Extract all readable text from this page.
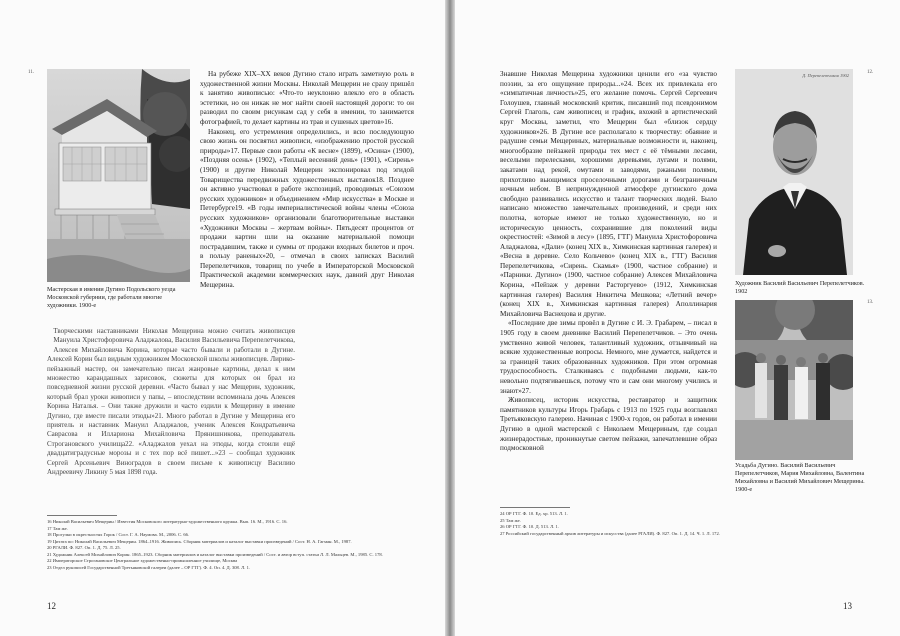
11.
Мастерская в имении Дугино Подольского уезда Московской губернии, где работали многие художники. 1900-е

На рубеже XIX–XX веков Дугино стало играть заметную роль в художественной жизни Москвы. Николай Мещерин не сразу пришёл к занятию живописью: «Что-то неуклонно влекло его в область эстетики, но он никак не мог найти своей настоящей дороги: то он разводил по своим рисункам сад у себя в имении, то занимается фотографией, то делает картины из трав и сушеных цветов»16.

Наконец, его устремления определились, и всю последующую свою жизнь он посвятил живописи, «изображению простой русской природы»17. Первые свои работы «К весне» (1899), «Осина» (1900), «Поздняя осень» (1902), «Теплый весенний день» (1901), «Сирень» (1900) и другие Николай Мещерин экспонировал под эгидой Товарищества передвижных художественных выставок18. Позднее он активно участвовал в работе экспозиций, проводимых «Союзом русских художников» и объединением «Мир искусства» в Москве и Петербурге19. «В годы империалистической войны члены «Союза русских художников» организовали благотворительные выставки «Художники Москвы – жертвам войны». Пятьдесят процентов от продажи картин шли на оказание материальной помощи пострадавшим, также и суммы от продажи входных билетов и проч. в пользу раненых»20, – отмечал в своих записках Василий Перепелетчиков, товарищ по учебе в Императорской Московской Практической академии коммерческих наук, давний друг Николая Мещерина.

Творческими наставниками Николая Мещерина можно считать живописцев Мануила Христофоровича Аладжалова, Василия Васильевича Перепелетчикова, Алексея Михайловича Корина, которые часто бывали и работали в Дугине. Алексей Корин был видным художником Московской школы живописцев. Лирико-пейзажный мастер, он замечательно писал жанровые картины, делал к ним множество карандашных зарисовок, сюжеты для которых он брал из повседневной жизни русской деревни. «Часто бывал у нас Мещерин, художник, который брал уроки живописи у папы, – впоследствии вспоминала дочь Алексея Корина Наталья. – Они также дружили и часто ездили к Мещерину в имение Дугино, где вместе писали этюды»21. Много работал в Дугине у Мещерина его приятель и наставник Мануил Аладжалов, ученик Алексея Кондратьевича Саврасова и Иллариона Михайловича Прянишникова, преподаватель Строгановского училища22. «Аладжалов уехал на этюды, когда стоили ещё двадцатиградусные морозы и с тех пор всё пишет...»23 – сообщал художник Сергей Арсеньевич Виноградов в своем письме к живописцу Василию Андреевичу Ликину 5 мая 1898 года.
16 Николай Васильевич Мещерин / Известия Московского литературно-художественного кружка. Вып. 16. М., 1916. С. 16.
17 Там же.
18 Прогулки в окрестностях Горок / Сост. Г. А. Наумова. М., 2006. С. 66.
19 Цитата по: Николай Васильевич Мещерин. 1864–1916. Живопись. Сборник материалов и каталог выставки произведений / Сост. Н. А. Гагман. М., 1987.
20 РГАЛИ. Ф. 827. Оп. 1. Д. 75. Л. 25.
21 Художник Алексей Михайлович Корин. 1865–1923. Сборник материалов и каталог выставки произведений / Сост. и автор вступ. статьи Л. Л. Мальцев. М., 1985. С. 178.
22 Императорское Строгановское Центральное художественно-промышленное училище, Москва
23 Отдел рукописей Государственной Третьяковской галереи (далее – ОР ГТГ). Ф. 4. Оп. 4. Д. 308. Л. 1.
12

Знавшие Николая Мещерина художники ценили его «за чувство поэзии, за его ощущение природы...»24. Всех их привлекала его «симпатичная личность»25, его желание помочь. Сергей Сергеевич Голоушев, главный московский критик, писавший под псевдонимом Сергей Глаголь, сам живописец и график, вхожий в артистический круг Москвы, заметил, что Мещерин был «близок сердцу художников»26. В Дугине все располагало к творчеству: обаяние и радушие семьи Мещериных, материальные возможности и, наконец, многообразие пейзажей природы тех мест с её тёмными лесами, веселыми перелесками, хорошими деревьями, лугами и полями, закатами над рекой, омутами и заводями, ржаными полями, прихотливо вьющимися проселочными дорогами и безграничным ночным небом. В непринужденной атмосфере дугинского дома свободно развивались искусство и талант творческих людей. Было написано множество замечательных произведений, и среди них полотна, которые имеют не только художественную, но и историческую ценность, сохранившие для поколений виды окрестностей: «Зимой в лесу» (1895, ГТГ) Мануила Христофоровича Аладжалова, «Дали» (конец XIX в., Химкинская картинная галерея) и «Весна в деревне. Село Кольчево» (конец XIX в., ГТГ) Василия Перепелетчикова, «Сирень. Скамья» (1900, частное собрание) и «Парники. Дугино» (1900, частное собрание) Алексея Михайловича Корина, «Пейзаж у деревни Расторгуево» (1912, Химкинская картинная галерея) Василия Никитича Мешкова; «Летний вечер» (конец XIX в., Химкинская картинная галерея) Аполлинария Михайловича Васнецова и другие.

«Последние две зимы провёл в Дугине с И. Э. Грабарем, – писал в 1905 году в своем дневнике Василий Перепелетчиков. – Это очень умственно живой человек, талантливый художник, отзывчивый на всякие художественные вопросы. Немного, мне думается, найдется и за границей таких образованных художников. При этом огромная трудоспособность. Сталкиваясь с подобными людьми, как-то невольно подтягиваешься, потому что и сам они многому учились и знают»27.

Живописец, историк искусства, реставратор и защитник памятников культуры Игорь Грабарь с 1913 по 1925 годы возглавлял Третьяковскую галерею. Начиная с 1900-х годов, он работал в имении Дугино в одной мастерской с Николаем Мещериным, где создал жизнерадостные, проникнутые светом пейзажи, запечатлевшие образ подмосковной

12.
Д. Перепелетчиков 1902
Художник Василий Васильевич Перепелетчиков. 1902
13.
Усадьба Дугино. Василий Васильевич Перепелетчиков, Мария Михайловна, Валентина Михайловна и Василий Михайлович Мещерины. 1900-е
24 ОР ГТГ. Ф. 10. Ед. хр. 513. Л. 1.
25 Там же.
26 ОР ГТГ. Ф. 10. Д. 513. Л. 1.
27 Российский государственный архив литературы и искусства (далее РГАЛИ). Ф. 827. Оп. 1. Д. 14. Ч. 1. Л. 172.
13
